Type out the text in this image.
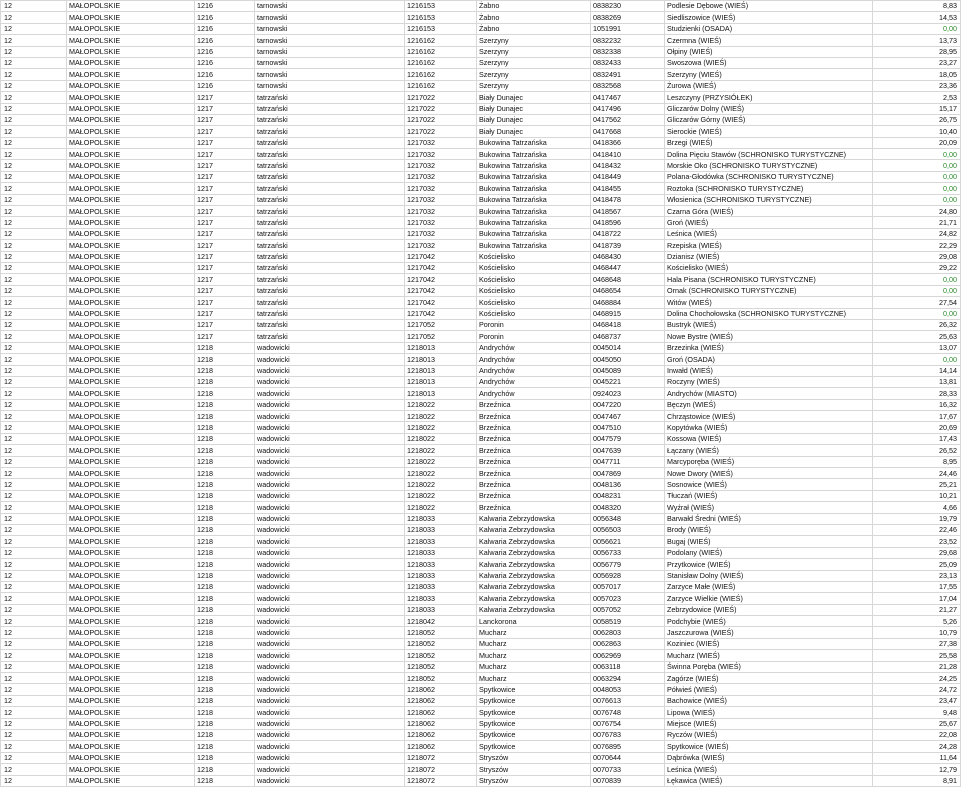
12	MAŁOPOLSKIE	1216	tarnowski	1216153	Żabno	0838230	Podlesie Dębowe (WIEŚ)	8,83
12	MAŁOPOLSKIE	1216	tarnowski	1216153	Żabno	0838269	Siedliszowice (WIEŚ)	14,53
12	MAŁOPOLSKIE	1216	tarnowski	1216153	Żabno	1051991	Studzienki (OSADA)	0,00
12	MAŁOPOLSKIE	1216	tarnowski	1216162	Szerzyny	0832232	Czermna (WIEŚ)	13,73
12	MAŁOPOLSKIE	1216	tarnowski	1216162	Szerzyny	0832338	Ołpiny (WIEŚ)	28,95
12	MAŁOPOLSKIE	1216	tarnowski	1216162	Szerzyny	0832433	Swoszowa (WIEŚ)	23,27
12	MAŁOPOLSKIE	1216	tarnowski	1216162	Szerzyny	0832491	Szerzyny (WIEŚ)	18,05
12	MAŁOPOLSKIE	1216	tarnowski	1216162	Szerzyny	0832568	Żurowa (WIEŚ)	23,36
12	MAŁOPOLSKIE	1217	tatrzański	1217022	Biały Dunajec	0417467	Leszczyny (PRZYSIÓŁEK)	2,53
12	MAŁOPOLSKIE	1217	tatrzański	1217022	Biały Dunajec	0417496	Gliczarów Dolny (WIEŚ)	15,17
12	MAŁOPOLSKIE	1217	tatrzański	1217022	Biały Dunajec	0417562	Gliczarów Górny (WIEŚ)	26,75
12	MAŁOPOLSKIE	1217	tatrzański	1217022	Biały Dunajec	0417668	Sierockie (WIEŚ)	10,40
12	MAŁOPOLSKIE	1217	tatrzański	1217032	Bukowina Tatrzańska	0418366	Brzegi (WIEŚ)	20,09
12	MAŁOPOLSKIE	1217	tatrzański	1217032	Bukowina Tatrzańska	0418410	Dolina Pięciu Stawów (SCHRONISKO TURYSTYCZNE)	0,00
12	MAŁOPOLSKIE	1217	tatrzański	1217032	Bukowina Tatrzańska	0418432	Morskie Oko (SCHRONISKO TURYSTYCZNE)	0,00
12	MAŁOPOLSKIE	1217	tatrzański	1217032	Bukowina Tatrzańska	0418449	Polana-Głodówka (SCHRONISKO TURYSTYCZNE)	0,00
12	MAŁOPOLSKIE	1217	tatrzański	1217032	Bukowina Tatrzańska	0418455	Roztoka (SCHRONISKO TURYSTYCZNE)	0,00
12	MAŁOPOLSKIE	1217	tatrzański	1217032	Bukowina Tatrzańska	0418478	Włosienica (SCHRONISKO TURYSTYCZNE)	0,00
12	MAŁOPOLSKIE	1217	tatrzański	1217032	Bukowina Tatrzańska	0418567	Czarna Góra (WIEŚ)	24,80
12	MAŁOPOLSKIE	1217	tatrzański	1217032	Bukowina Tatrzańska	0418596	Groń (WIEŚ)	21,71
12	MAŁOPOLSKIE	1217	tatrzański	1217032	Bukowina Tatrzańska	0418722	Leśnica (WIEŚ)	24,82
12	MAŁOPOLSKIE	1217	tatrzański	1217032	Bukowina Tatrzańska	0418739	Rzepiska (WIEŚ)	22,29
12	MAŁOPOLSKIE	1217	tatrzański	1217042	Kościelisko	0468430	Dzianisz (WIEŚ)	29,08
12	MAŁOPOLSKIE	1217	tatrzański	1217042	Kościelisko	0468447	Kościelisko (WIEŚ)	29,22
12	MAŁOPOLSKIE	1217	tatrzański	1217042	Kościelisko	0468648	Hala Pisana (SCHRONISKO TURYSTYCZNE)	0,00
12	MAŁOPOLSKIE	1217	tatrzański	1217042	Kościelisko	0468654	Ornak (SCHRONISKO TURYSTYCZNE)	0,00
12	MAŁOPOLSKIE	1217	tatrzański	1217042	Kościelisko	0468884	Witów (WIEŚ)	27,54
12	MAŁOPOLSKIE	1217	tatrzański	1217042	Kościelisko	0468915	Dolina Chochołowska (SCHRONISKO TURYSTYCZNE)	0,00
12	MAŁOPOLSKIE	1217	tatrzański	1217052	Poronin	0468418	Bustryk (WIEŚ)	26,32
12	MAŁOPOLSKIE	1217	tatrzański	1217052	Poronin	0468737	Nowe Bystre (WIEŚ)	25,63
12	MAŁOPOLSKIE	1218	wadowicki	1218013	Andrychów	0045014	Brzezinka (WIEŚ)	13,07
12	MAŁOPOLSKIE	1218	wadowicki	1218013	Andrychów	0045050	Groń (OSADA)	0,00
12	MAŁOPOLSKIE	1218	wadowicki	1218013	Andrychów	0045089	Inwałd (WIEŚ)	14,14
12	MAŁOPOLSKIE	1218	wadowicki	1218013	Andrychów	0045221	Roczyny (WIEŚ)	13,81
12	MAŁOPOLSKIE	1218	wadowicki	1218013	Andrychów	0924023	Andrychów (MIASTO)	28,33
12	MAŁOPOLSKIE	1218	wadowicki	1218022	Brzeźnica	0047220	Bęczyn (WIEŚ)	16,32
12	MAŁOPOLSKIE	1218	wadowicki	1218022	Brzeźnica	0047467	Chrząstowice (WIEŚ)	17,67
12	MAŁOPOLSKIE	1218	wadowicki	1218022	Brzeźnica	0047510	Kopytówka (WIEŚ)	20,69
12	MAŁOPOLSKIE	1218	wadowicki	1218022	Brzeźnica	0047579	Kossowa (WIEŚ)	17,43
12	MAŁOPOLSKIE	1218	wadowicki	1218022	Brzeźnica	0047639	Łączany (WIEŚ)	26,52
12	MAŁOPOLSKIE	1218	wadowicki	1218022	Brzeźnica	0047711	Marcyporęba (WIEŚ)	8,95
12	MAŁOPOLSKIE	1218	wadowicki	1218022	Brzeźnica	0047869	Nowe Dwory (WIEŚ)	24,46
12	MAŁOPOLSKIE	1218	wadowicki	1218022	Brzeźnica	0048136	Sosnowice (WIEŚ)	25,21
12	MAŁOPOLSKIE	1218	wadowicki	1218022	Brzeźnica	0048231	Tłuczań (WIEŚ)	10,21
12	MAŁOPOLSKIE	1218	wadowicki	1218022	Brzeźnica	0048320	Wyźrał (WIEŚ)	4,66
12	MAŁOPOLSKIE	1218	wadowicki	1218033	Kalwaria Zebrzydowska	0056348	Barwałd Średni (WIEŚ)	19,79
12	MAŁOPOLSKIE	1218	wadowicki	1218033	Kalwaria Zebrzydowska	0056503	Brody (WIEŚ)	22,46
12	MAŁOPOLSKIE	1218	wadowicki	1218033	Kalwaria Zebrzydowska	0056621	Bugaj (WIEŚ)	23,52
12	MAŁOPOLSKIE	1218	wadowicki	1218033	Kalwaria Zebrzydowska	0056733	Podolany (WIEŚ)	29,68
12	MAŁOPOLSKIE	1218	wadowicki	1218033	Kalwaria Zebrzydowska	0056779	Przytkowice (WIEŚ)	25,09
12	MAŁOPOLSKIE	1218	wadowicki	1218033	Kalwaria Zebrzydowska	0056928	Stanisław Dolny (WIEŚ)	23,13
12	MAŁOPOLSKIE	1218	wadowicki	1218033	Kalwaria Zebrzydowska	0057017	Zarzyce Małe (WIEŚ)	17,55
12	MAŁOPOLSKIE	1218	wadowicki	1218033	Kalwaria Zebrzydowska	0057023	Zarzyce Wielkie (WIEŚ)	17,04
12	MAŁOPOLSKIE	1218	wadowicki	1218033	Kalwaria Zebrzydowska	0057052	Zebrzydowice (WIEŚ)	21,27
12	MAŁOPOLSKIE	1218	wadowicki	1218042	Lanckorona	0058519	Podchybie (WIEŚ)	5,26
12	MAŁOPOLSKIE	1218	wadowicki	1218052	Mucharz	0062803	Jaszczurowa (WIEŚ)	10,79
12	MAŁOPOLSKIE	1218	wadowicki	1218052	Mucharz	0062863	Koziniec (WIEŚ)	27,38
12	MAŁOPOLSKIE	1218	wadowicki	1218052	Mucharz	0062969	Mucharz (WIEŚ)	25,58
12	MAŁOPOLSKIE	1218	wadowicki	1218052	Mucharz	0063118	Świnna Poręba (WIEŚ)	21,28
12	MAŁOPOLSKIE	1218	wadowicki	1218052	Mucharz	0063294	Zagórze (WIEŚ)	24,25
12	MAŁOPOLSKIE	1218	wadowicki	1218062	Spytkowice	0048053	Półwieś (WIEŚ)	24,72
12	MAŁOPOLSKIE	1218	wadowicki	1218062	Spytkowice	0076613	Bachowice (WIEŚ)	23,47
12	MAŁOPOLSKIE	1218	wadowicki	1218062	Spytkowice	0076748	Lipowa (WIEŚ)	9,48
12	MAŁOPOLSKIE	1218	wadowicki	1218062	Spytkowice	0076754	Miejsce (WIEŚ)	25,67
12	MAŁOPOLSKIE	1218	wadowicki	1218062	Spytkowice	0076783	Ryczów (WIEŚ)	22,08
12	MAŁOPOLSKIE	1218	wadowicki	1218062	Spytkowice	0076895	Spytkowice (WIEŚ)	24,28
12	MAŁOPOLSKIE	1218	wadowicki	1218072	Stryszów	0070644	Dąbrówka (WIEŚ)	11,64
12	MAŁOPOLSKIE	1218	wadowicki	1218072	Stryszów	0070733	Leśnica (WIEŚ)	12,79
12	MAŁOPOLSKIE	1218	wadowicki	1218072	Stryszów	0070839	Łękawica (WIEŚ)	8,91
